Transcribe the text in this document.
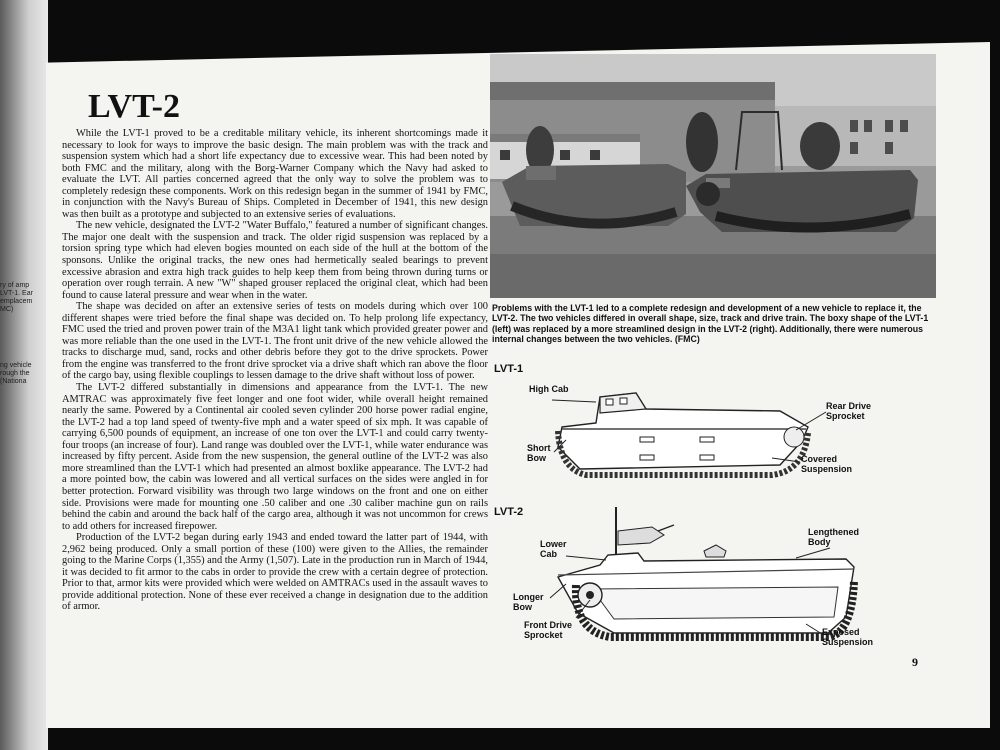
ry of amp
LVT-1. Ear
emplacem
MC)
ng vehicle
rough the
(Nationa
LVT-2

While the LVT-1 proved to be a creditable military vehicle, its inherent shortcomings made it necessary to look for ways to improve the basic design. The main problem was with the track and suspension system which had a short life expectancy due to excessive wear. This had been noted by both FMC and the military, along with the Borg-Warner Company which the Navy had asked to evaluate the LVT. All parties concerned agreed that the only way to solve the problem was to completely redesign these components. Work on this redesign began in the summer of 1941 by FMC, in conjunction with the Navy's Bureau of Ships. Completed in December of 1941, this new design was then built as a prototype and subjected to an extensive series of evaluations.

The new vehicle, designated the LVT-2 "Water Buffalo," featured a number of significant changes. The major one dealt with the suspension and track. The older rigid suspension was replaced by a torsion spring type which had eleven bogies mounted on each side of the hull at the bottom of the sponsons. Unlike the original tracks, the new ones had hermetically sealed bearings to prevent excessive abrasion and extra high track guides to help keep them from being thrown during turns or operation over rough terrain. A new "W" shaped grouser replaced the original cleat, which had been found to cause lateral pressure and wear when in the water.

The shape was decided on after an extensive series of tests on models during which over 100 different shapes were tried before the final shape was decided on. To help prolong life expectancy, FMC used the tried and proven power train of the M3A1 light tank which provided greater power and was more reliable than the one used in the LVT-1. The front unit drive of the new vehicle allowed the tracks to discharge mud, sand, rocks and other debris before they got to the drive sprockets. Power from the engine was transferred to the front drive sprocket via a drive shaft which ran above the floor of the cargo bay, using flexible couplings to lessen damage to the drive shaft without loss of power.

The LVT-2 differed substantially in dimensions and appearance from the LVT-1. The new AMTRAC was approximately five feet longer and one foot wider, while overall height remained nearly the same. Powered by a Continental air cooled seven cylinder 200 horse power radial engine, the LVT-2 had a top land speed of twenty-five mph and a water speed of six mph. It was capable of carrying 6,500 pounds of equipment, an increase of one ton over the LVT-1 and could carry twenty-four troops (an increase of four). Land range was doubled over the LVT-1, while water endurance was increased by fifty percent. Aside from the new suspension, the general outline of the LVT-2 was also more streamlined than the LVT-1 which had presented an almost boxlike appearance. The LVT-2 had a more pointed bow, the cabin was lowered and all vertical surfaces on the sides were angled in for better protection. Forward visibility was through two large windows on the front and one on either side. Provisions were made for mounting one .50 caliber and one .30 caliber machine gun on rails behind the cabin and around the back half of the cargo area, although it was not uncommon for crews to add others for increased firepower.

Production of the LVT-2 began during early 1943 and ended toward the latter part of 1944, with 2,962 being produced. Only a small portion of these (100) were given to the Allies, the remainder going to the Marine Corps (1,355) and the Army (1,507). Late in the production run in March of 1944, it was decided to fit armor to the cabs in order to provide the crew with a certain degree of protection. Prior to that, armor kits were provided which were welded on AMTRACs used in the assault waves to provide additional protection. None of these ever received a change in designation due to the addition of armor.

Problems with the LVT-1 led to a complete redesign and development of a new vehicle to replace it, the LVT-2. The two vehicles differed in overall shape, size, track and drive train. The boxy shape of the LVT-1 (left) was replaced by a more streamlined design in the LVT-2 (right). Additionally, there were numerous internal changes between the two vehicles. (FMC)
LVT-1
High Cab
Rear Drive Sprocket
Short Bow	Covered Suspension
LVT-2
Lower Cab
Lengthened Body
Longer Bow
Front Drive Sprocket	Exposed Suspension
9
